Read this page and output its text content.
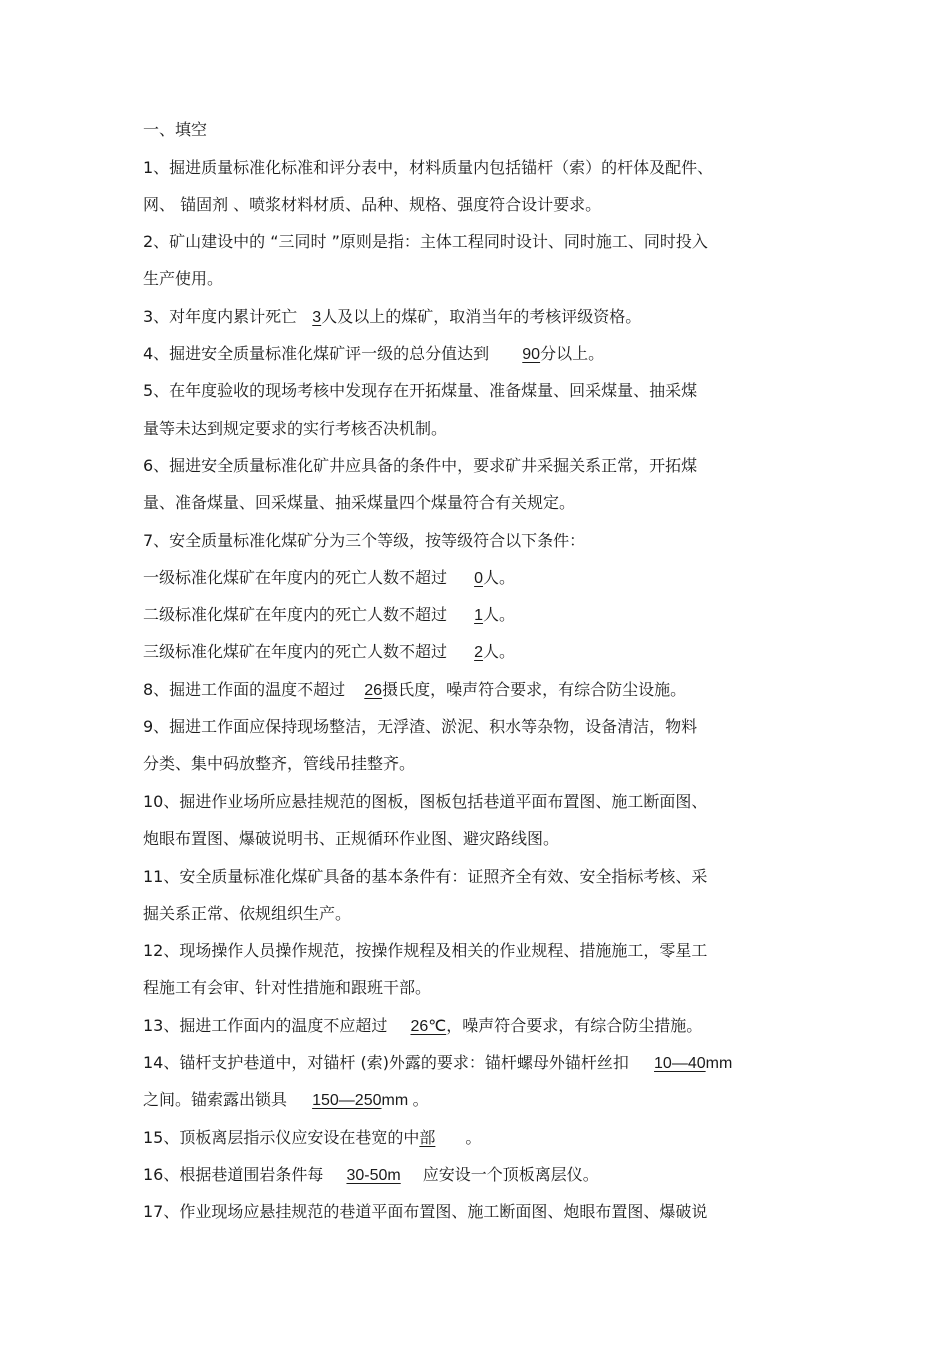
一、填空
1、掘进质量标准化标准和评分表中，材料质量内包括锚杆（索）的杆体及配件、
网、 锚固剂 、喷浆材料材质、品种、规格、强度符合设计要求。
2、矿山建设中的 “三同时 ”原则是指：主体工程同时设计、同时施工、同时投入
生产使用。
3、对年度内累计死亡 3人及以上的煤矿，取消当年的考核评级资格。
4、掘进安全质量标准化煤矿评一级的总分值达到 90分以上。
5、在年度验收的现场考核中发现存在开拓煤量、准备煤量、回采煤量、抽采煤
量等未达到规定要求的实行考核否决机制。
6、掘进安全质量标准化矿井应具备的条件中，要求矿井采掘关系正常，开拓煤
量、准备煤量、回采煤量、抽采煤量四个煤量符合有关规定。
7、安全质量标准化煤矿分为三个等级，按等级符合以下条件：
一级标准化煤矿在年度内的死亡人数不超过 0人。
二级标准化煤矿在年度内的死亡人数不超过 1人。
三级标准化煤矿在年度内的死亡人数不超过 2人。
8、掘进工作面的温度不超过 26摄氏度，噪声符合要求，有综合防尘设施。
9、掘进工作面应保持现场整洁，无浮渣、淤泥、积水等杂物，设备清洁，物料
分类、集中码放整齐，管线吊挂整齐。
10、掘进作业场所应悬挂规范的图板，图板包括巷道平面布置图、施工断面图、
炮眼布置图、爆破说明书、正规循环作业图、避灾路线图。
11、安全质量标准化煤矿具备的基本条件有：证照齐全有效、安全指标考核、采
掘关系正常、依规组织生产。
12、现场操作人员操作规范，按操作规程及相关的作业规程、措施施工，零星工
程施工有会审、针对性措施和跟班干部。
13、掘进工作面内的温度不应超过 26℃，噪声符合要求，有综合防尘措施。
14、锚杆支护巷道中，对锚杆 (索)外露的要求：锚杆螺母外锚杆丝扣 10—40mm
之间。锚索露出锁具 150—250mm 。
15、顶板离层指示仪应安设在巷宽的中部 。
16、根据巷道围岩条件每 30-50m 应安设一个顶板离层仪。
17、作业现场应悬挂规范的巷道平面布置图、施工断面图、炮眼布置图、爆破说
